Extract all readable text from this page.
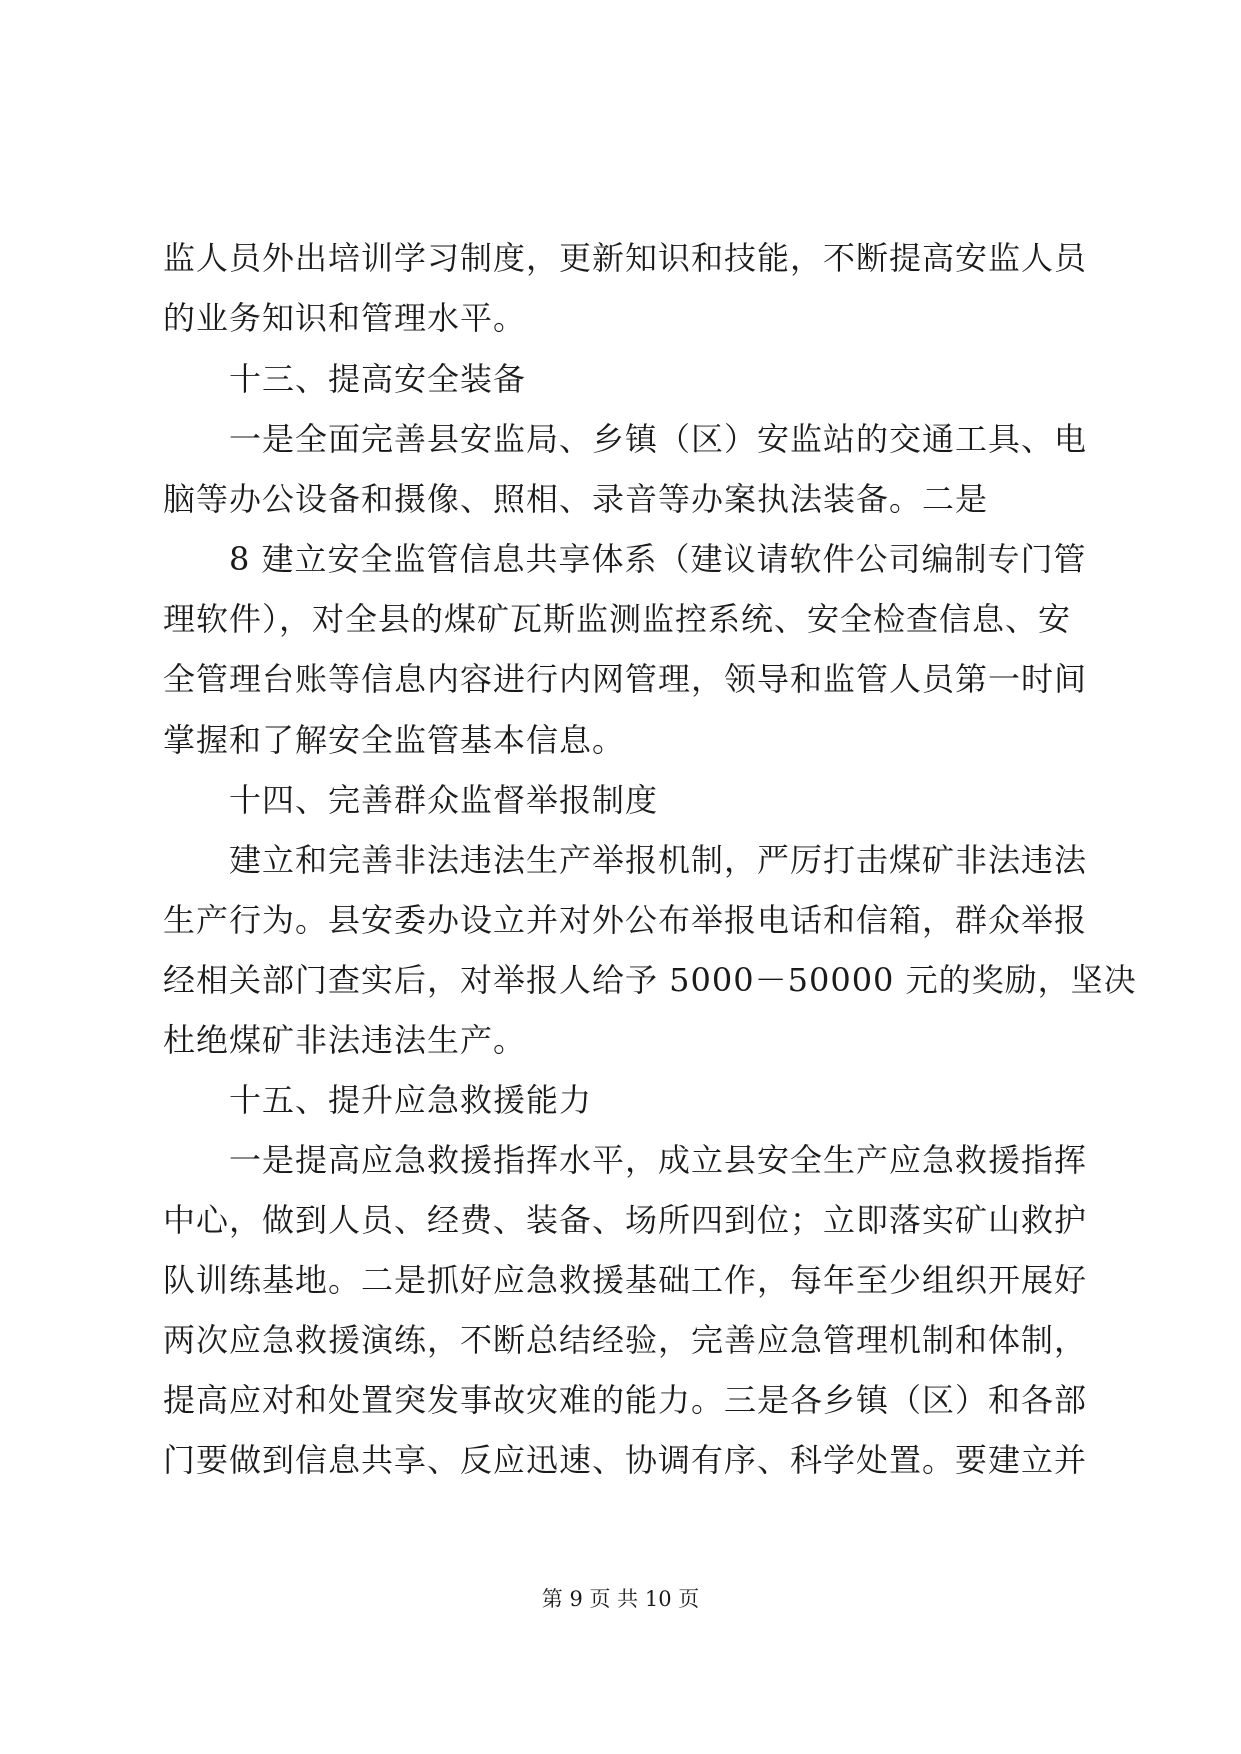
监人员外出培训学习制度，更新知识和技能，不断提高安监人员
的业务知识和管理水平。
十三、提高安全装备
一是全面完善县安监局、乡镇（区）安监站的交通工具、电
脑等办公设备和摄像、照相、录音等办案执法装备。二是
8 建立安全监管信息共享体系（建议请软件公司编制专门管
理软件），对全县的煤矿瓦斯监测监控系统、安全检查信息、安
全管理台账等信息内容进行内网管理，领导和监管人员第一时间
掌握和了解安全监管基本信息。
十四、完善群众监督举报制度
建立和完善非法违法生产举报机制，严厉打击煤矿非法违法
生产行为。县安委办设立并对外公布举报电话和信箱，群众举报
经相关部门查实后，对举报人给予 5000－50000 元的奖励，坚决
杜绝煤矿非法违法生产。
十五、提升应急救援能力
一是提高应急救援指挥水平，成立县安全生产应急救援指挥
中心，做到人员、经费、装备、场所四到位；立即落实矿山救护
队训练基地。二是抓好应急救援基础工作，每年至少组织开展好
两次应急救援演练，不断总结经验，完善应急管理机制和体制，
提高应对和处置突发事故灾难的能力。三是各乡镇（区）和各部
门要做到信息共享、反应迅速、协调有序、科学处置。要建立并
第 9 页 共 10 页
